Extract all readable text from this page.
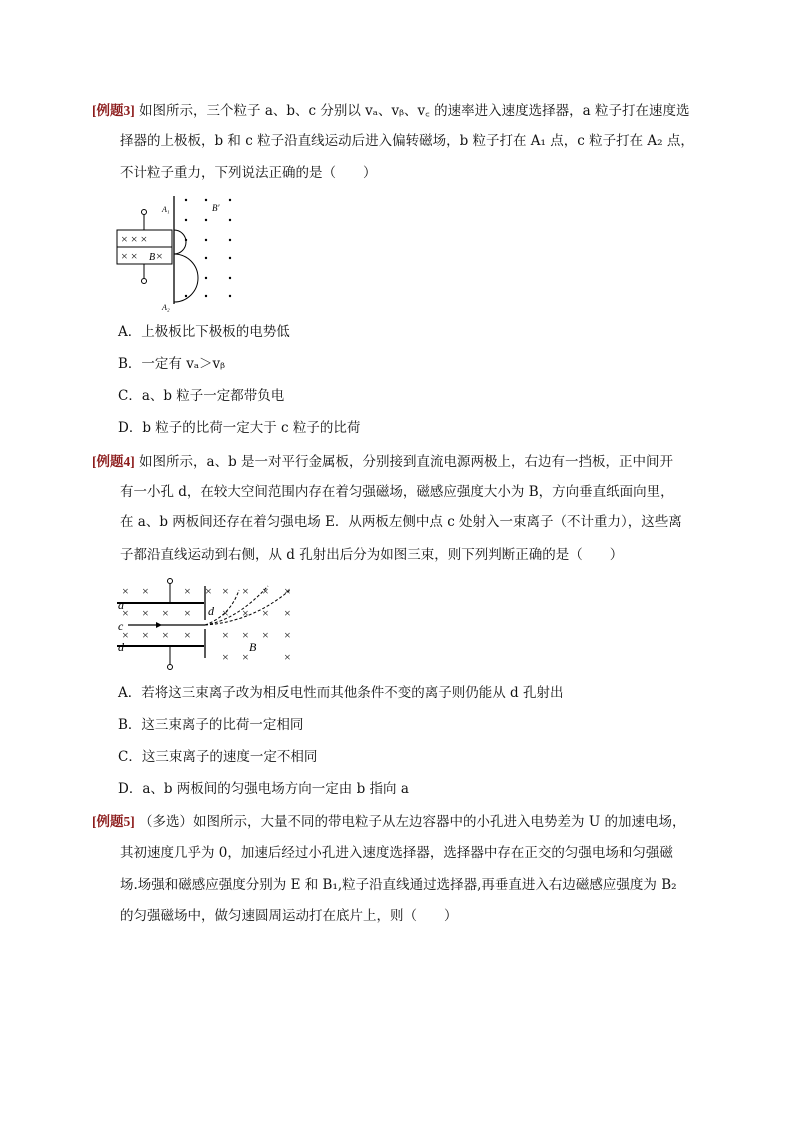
[例题3] 如图所示，三个粒子 a、b、c 分别以 vₐ、vᵦ、v꜀ 的速率进入速度选择器，a 粒子打在速度选
择器的上极板，b 和 c 粒子沿直线运动后进入偏转磁场，b 粒子打在 A₁ 点，c 粒子打在 A₂ 点，
不计粒子重力，下列说法正确的是（　　）
× × ×
× × B ×
A₁
A₂
B′
A．上极板比下极板的电势低
B．一定有 vₐ＞vᵦ
C．a、b 粒子一定都带负电
D．b 粒子的比荷一定大于 c 粒子的比荷
[例题4] 如图所示，a、b 是一对平行金属板，分别接到直流电源两极上，右边有一挡板，正中间开
有一小孔 d，在较大空间范围内存在着匀强磁场，磁感应强度大小为 B，方向垂直纸面向里，
在 a、b 两板间还存在着匀强电场 E．从两板左侧中点 c 处射入一束离子（不计重力），这些离
子都沿直线运动到右侧，从 d 孔射出后分为如图三束，则下列判断正确的是（　　）
× ×	× × × × × ×
× × × ×	× × × ×
× × × ×	× × × ×
× ×	×
a
c
d
d
B
A．若将这三束离子改为相反电性而其他条件不变的离子则仍能从 d 孔射出
B．这三束离子的比荷一定相同
C．这三束离子的速度一定不相同
D．a、b 两板间的匀强电场方向一定由 b 指向 a
[例题5] （多选）如图所示，大量不同的带电粒子从左边容器中的小孔进入电势差为 U 的加速电场，
其初速度几乎为 0，加速后经过小孔进入速度选择器，选择器中存在正交的匀强电场和匀强磁
场.场强和磁感应强度分别为 E 和 B₁,粒子沿直线通过选择器,再垂直进入右边磁感应强度为 B₂
的匀强磁场中，做匀速圆周运动打在底片上，则（　　）
